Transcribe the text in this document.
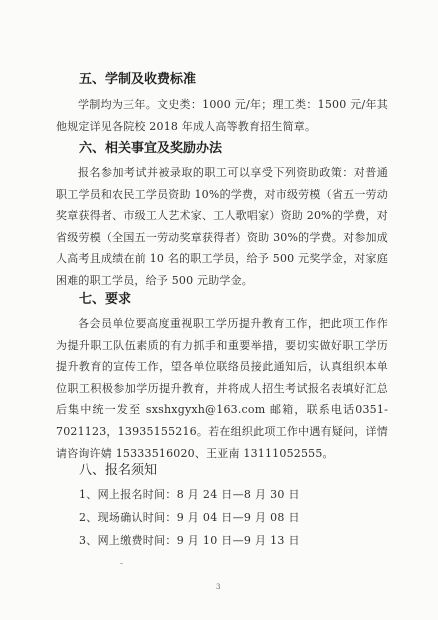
五、学制及收费标准
学制均为三年。文史类：1000 元/年；理工类：1500 元/年其他规定详见各院校 2018 年成人高等教育招生简章。
六、相关事宜及奖励办法
报名参加考试并被录取的职工可以享受下列资助政策：对普通职工学员和农民工学员资助 10%的学费，对市级劳模（省五一劳动奖章获得者、市级工人艺术家、工人歌唱家）资助 20%的学费，对省级劳模（全国五一劳动奖章获得者）资助 30%的学费。对参加成人高考且成绩在前 10 名的职工学员，给予 500 元奖学金，对家庭困难的职工学员，给予 500 元助学金。
七、要求
各会员单位要高度重视职工学历提升教育工作，把此项工作作为提升职工队伍素质的有力抓手和重要举措，要切实做好职工学历提升教育的宣传工作，望各单位联络员接此通知后，认真组织本单位职工积极参加学历提升教育，并将成人招生考试报名表填好汇总后集中统一发至 sxshxgyxh@163.com 邮箱，联系电话0351-7021123，13935155216。若在组织此项工作中遇有疑问，详情请咨询许婧 15333516020、王亚南 13111052555。
八、报名须知
1、网上报名时间：8 月 24 日—8 月 30 日
2、现场确认时间：9 月 04 日—9 月 08 日
3、网上缴费时间：9 月 10 日—9 月 13 日
3
